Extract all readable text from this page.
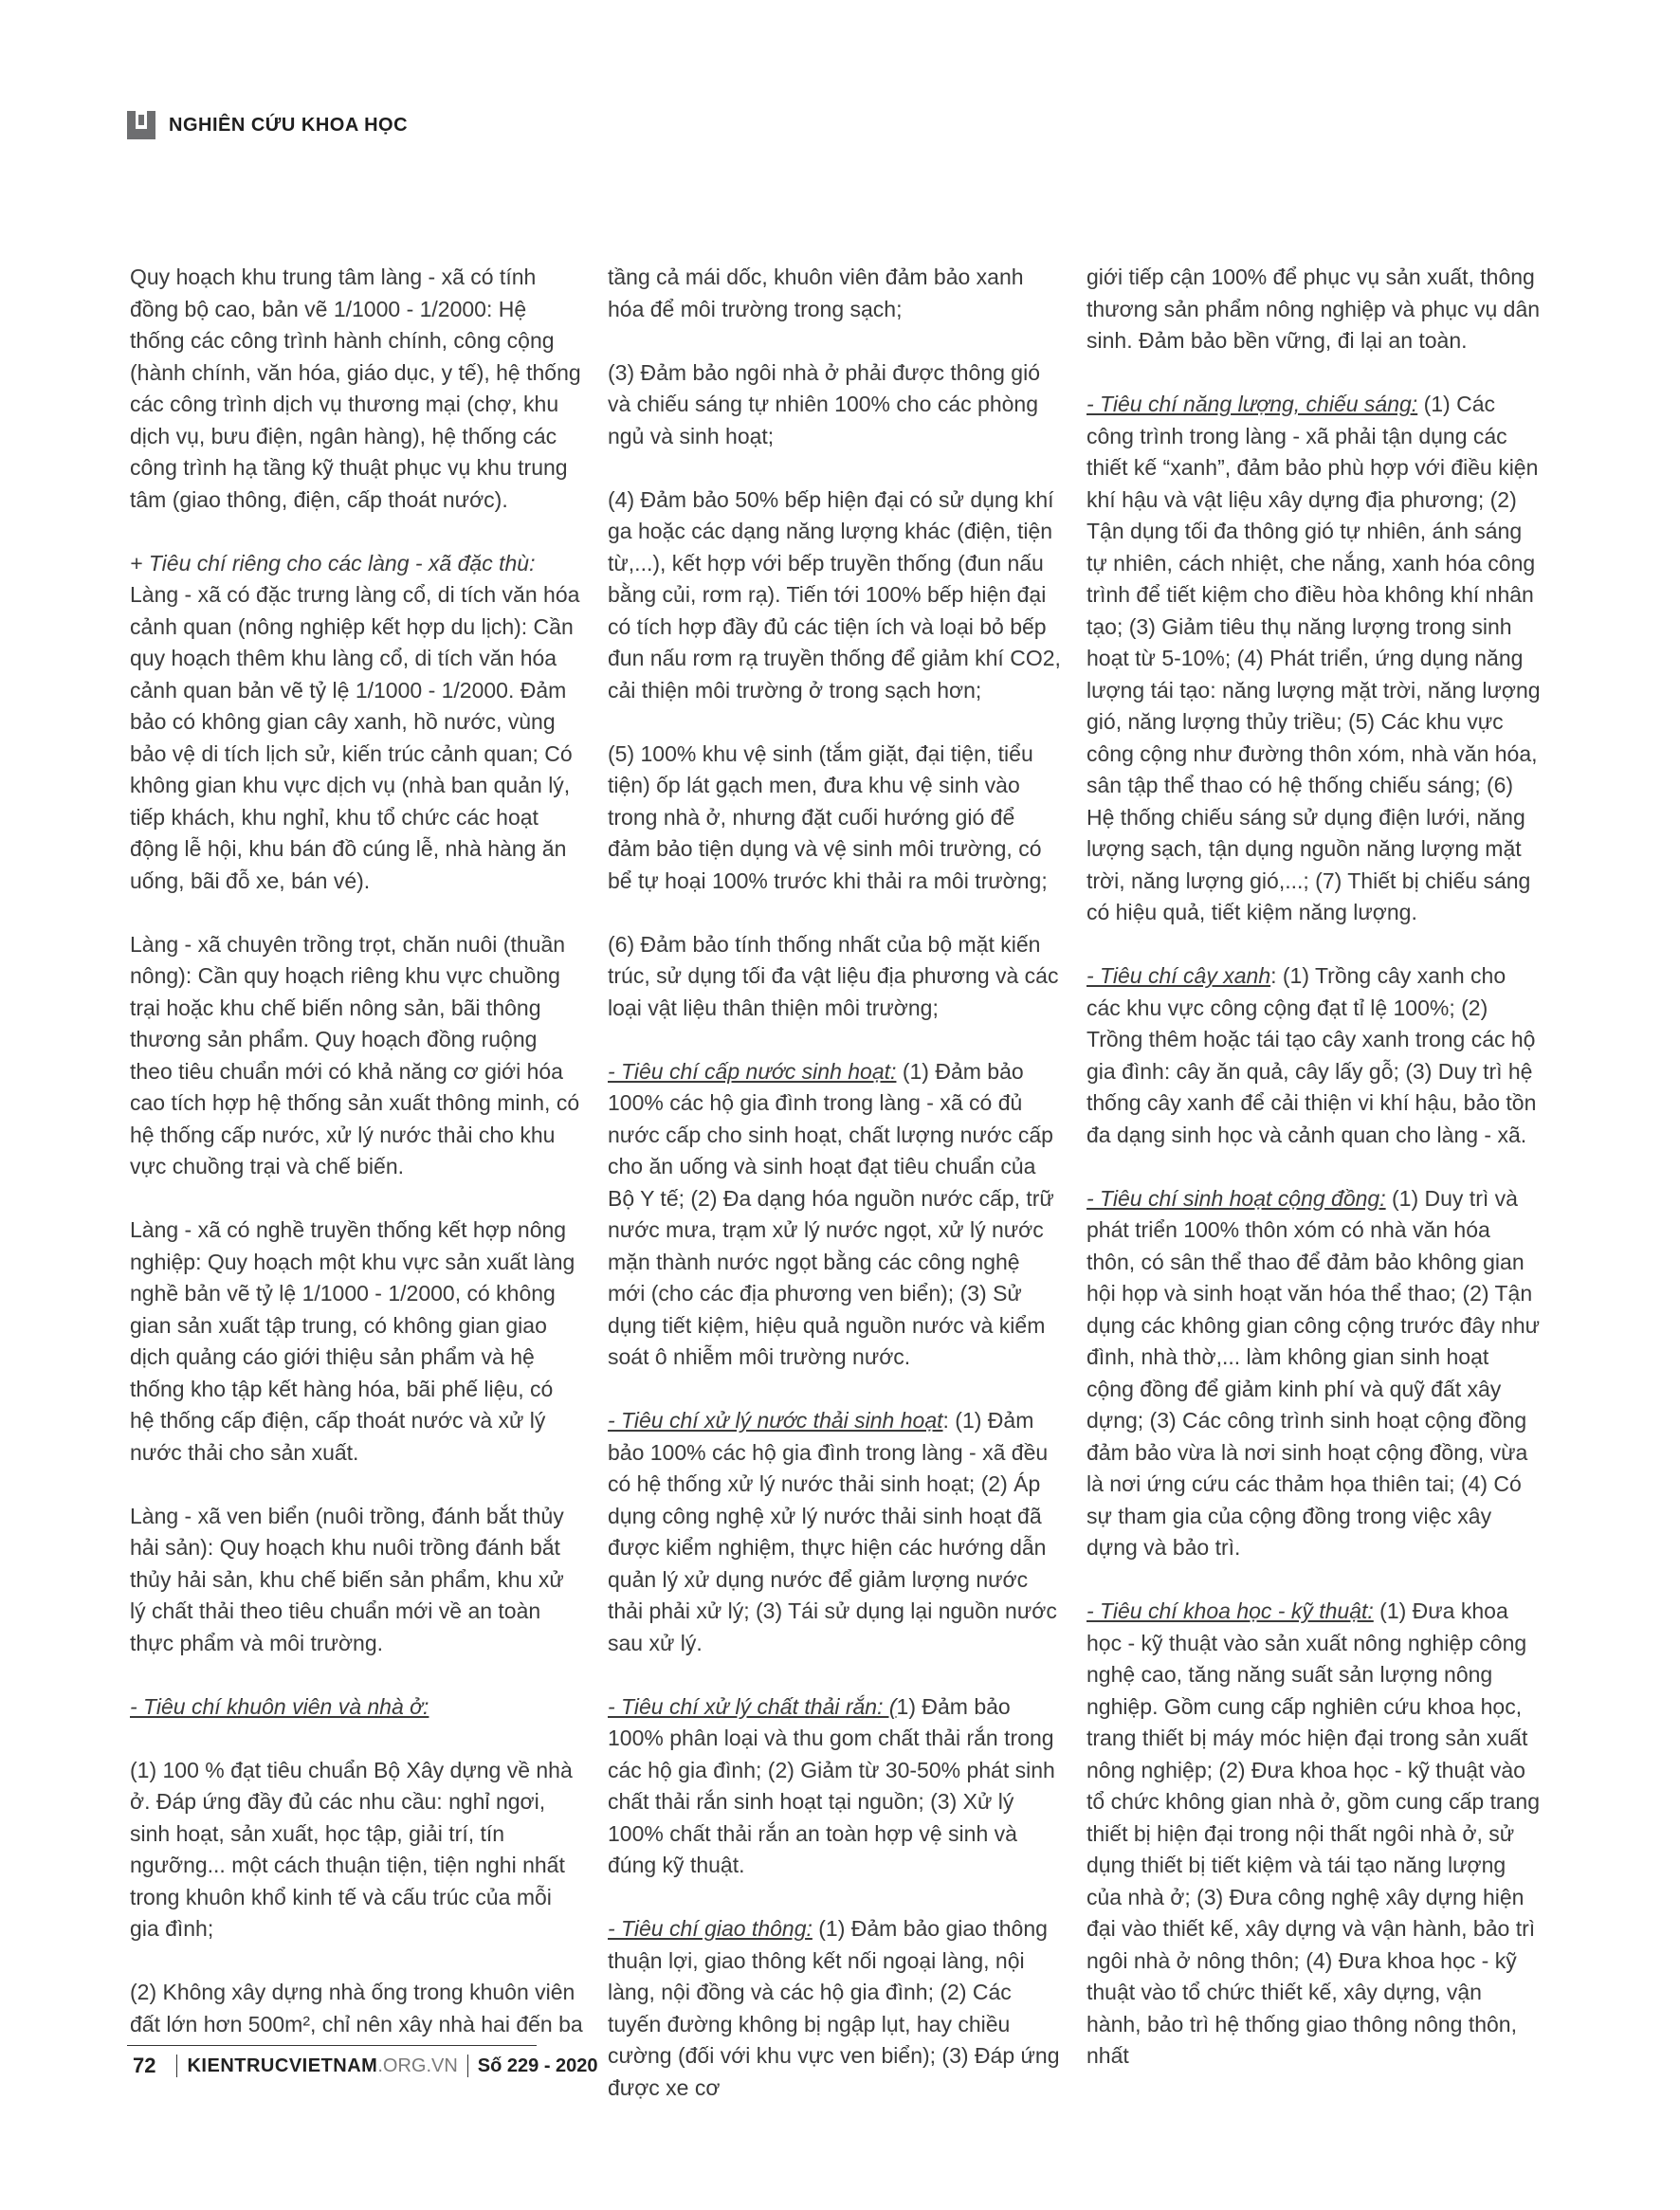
NGHIÊN CỨU KHOA HỌC

Quy hoạch khu trung tâm làng - xã có tính đồng bộ cao, bản vẽ 1/1000 - 1/2000: Hệ thống các công trình hành chính, công cộng (hành chính, văn hóa, giáo dục, y tế), hệ thống các công trình dịch vụ thương mại (chợ, khu dịch vụ, bưu điện, ngân hàng), hệ thống các công trình hạ tầng kỹ thuật phục vụ khu trung tâm (giao thông, điện, cấp thoát nước).

+ Tiêu chí riêng cho các làng - xã đặc thù: Làng - xã có đặc trưng làng cổ, di tích văn hóa cảnh quan (nông nghiệp kết hợp du lịch): Cần quy hoạch thêm khu làng cổ, di tích văn hóa cảnh quan bản vẽ tỷ lệ 1/1000 - 1/2000. Đảm bảo có không gian cây xanh, hồ nước, vùng bảo vệ di tích lịch sử, kiến trúc cảnh quan; Có không gian khu vực dịch vụ (nhà ban quản lý, tiếp khách, khu nghỉ, khu tổ chức các hoạt động lễ hội, khu bán đồ cúng lễ, nhà hàng ăn uống, bãi đỗ xe, bán vé).

Làng - xã chuyên trồng trọt, chăn nuôi (thuần nông): Cần quy hoạch riêng khu vực chuồng trại hoặc khu chế biến nông sản, bãi thông thương sản phẩm. Quy hoạch đồng ruộng theo tiêu chuẩn mới có khả năng cơ giới hóa cao tích hợp hệ thống sản xuất thông minh, có hệ thống cấp nước, xử lý nước thải cho khu vực chuồng trại và chế biến.

Làng - xã có nghề truyền thống kết hợp nông nghiệp: Quy hoạch một khu vực sản xuất làng nghề bản vẽ tỷ lệ 1/1000 - 1/2000, có không gian sản xuất tập trung, có không gian giao dịch quảng cáo giới thiệu sản phẩm và hệ thống kho tập kết hàng hóa, bãi phế liệu, có hệ thống cấp điện, cấp thoát nước và xử lý nước thải cho sản xuất.

Làng - xã ven biển (nuôi trồng, đánh bắt thủy hải sản): Quy hoạch khu nuôi trồng đánh bắt thủy hải sản, khu chế biến sản phẩm, khu xử lý chất thải theo tiêu chuẩn mới về an toàn thực phẩm và môi trường.

- Tiêu chí khuôn viên và nhà ở:

(1) 100 % đạt tiêu chuẩn Bộ Xây dựng về nhà ở. Đáp ứng đầy đủ các nhu cầu: nghỉ ngơi, sinh hoạt, sản xuất, học tập, giải trí, tín ngưỡng... một cách thuận tiện, tiện nghi nhất trong khuôn khổ kinh tế và cấu trúc của mỗi gia đình;

(2) Không xây dựng nhà ống trong khuôn viên đất lớn hơn 500m², chỉ nên xây nhà hai đến ba

tầng cả mái dốc, khuôn viên đảm bảo xanh hóa để môi trường trong sạch;

(3) Đảm bảo ngôi nhà ở phải được thông gió và chiếu sáng tự nhiên 100% cho các phòng ngủ và sinh hoạt;

(4) Đảm bảo 50% bếp hiện đại có sử dụng khí ga hoặc các dạng năng lượng khác (điện, tiện từ,...), kết hợp với bếp truyền thống (đun nấu bằng củi, rơm rạ). Tiến tới 100% bếp hiện đại có tích hợp đầy đủ các tiện ích và loại bỏ bếp đun nấu rơm rạ truyền thống để giảm khí CO2, cải thiện môi trường ở trong sạch hơn;

(5) 100% khu vệ sinh (tắm giặt, đại tiện, tiểu tiện) ốp lát gạch men, đưa khu vệ sinh vào trong nhà ở, nhưng đặt cuối hướng gió để đảm bảo tiện dụng và vệ sinh môi trường, có bể tự hoại 100% trước khi thải ra môi trường;

(6) Đảm bảo tính thống nhất của bộ mặt kiến trúc, sử dụng tối đa vật liệu địa phương và các loại vật liệu thân thiện môi trường;

- Tiêu chí cấp nước sinh hoạt: (1) Đảm bảo 100% các hộ gia đình trong làng - xã có đủ nước cấp cho sinh hoạt, chất lượng nước cấp cho ăn uống và sinh hoạt đạt tiêu chuẩn của Bộ Y tế; (2) Đa dạng hóa nguồn nước cấp, trữ nước mưa, trạm xử lý nước ngọt, xử lý nước mặn thành nước ngọt bằng các công nghệ mới (cho các địa phương ven biển); (3) Sử dụng tiết kiệm, hiệu quả nguồn nước và kiểm soát ô nhiễm môi trường nước.

- Tiêu chí xử lý nước thải sinh hoạt: (1) Đảm bảo 100% các hộ gia đình trong làng - xã đều có hệ thống xử lý nước thải sinh hoạt; (2) Áp dụng công nghệ xử lý nước thải sinh hoạt đã được kiểm nghiệm, thực hiện các hướng dẫn quản lý xử dụng nước để giảm lượng nước thải phải xử lý; (3) Tái sử dụng lại nguồn nước sau xử lý.

- Tiêu chí xử lý chất thải rắn: (1) Đảm bảo 100% phân loại và thu gom chất thải rắn trong các hộ gia đình; (2) Giảm từ 30-50% phát sinh chất thải rắn sinh hoạt tại nguồn; (3) Xử lý 100% chất thải rắn an toàn hợp vệ sinh và đúng kỹ thuật.

- Tiêu chí giao thông: (1) Đảm bảo giao thông thuận lợi, giao thông kết nối ngoại làng, nội làng, nội đồng và các hộ gia đình; (2) Các tuyến đường không bị ngập lụt, hay chiều cường (đối với khu vực ven biển); (3) Đáp ứng được xe cơ

giới tiếp cận 100% để phục vụ sản xuất, thông thương sản phẩm nông nghiệp và phục vụ dân sinh. Đảm bảo bền vững, đi lại an toàn.

- Tiêu chí năng lượng, chiếu sáng: (1) Các công trình trong làng - xã phải tận dụng các thiết kế “xanh”, đảm bảo phù hợp với điều kiện khí hậu và vật liệu xây dựng địa phương; (2) Tận dụng tối đa thông gió tự nhiên, ánh sáng tự nhiên, cách nhiệt, che nắng, xanh hóa công trình để tiết kiệm cho điều hòa không khí nhân tạo; (3) Giảm tiêu thụ năng lượng trong sinh hoạt từ 5-10%; (4) Phát triển, ứng dụng năng lượng tái tạo: năng lượng mặt trời, năng lượng gió, năng lượng thủy triều; (5) Các khu vực công cộng như đường thôn xóm, nhà văn hóa, sân tập thể thao có hệ thống chiếu sáng; (6) Hệ thống chiếu sáng sử dụng điện lưới, năng lượng sạch, tận dụng nguồn năng lượng mặt trời, năng lượng gió,...; (7) Thiết bị chiếu sáng có hiệu quả, tiết kiệm năng lượng.

- Tiêu chí cây xanh: (1) Trồng cây xanh cho các khu vực công cộng đạt tỉ lệ 100%; (2) Trồng thêm hoặc tái tạo cây xanh trong các hộ gia đình: cây ăn quả, cây lấy gỗ; (3) Duy trì hệ thống cây xanh để cải thiện vi khí hậu, bảo tồn đa dạng sinh học và cảnh quan cho làng - xã.

- Tiêu chí sinh hoạt cộng đồng: (1) Duy trì và phát triển 100% thôn xóm có nhà văn hóa thôn, có sân thể thao để đảm bảo không gian hội họp và sinh hoạt văn hóa thể thao; (2) Tận dụng các không gian công cộng trước đây như đình, nhà thờ,... làm không gian sinh hoạt cộng đồng để giảm kinh phí và quỹ đất xây dựng; (3) Các công trình sinh hoạt cộng đồng đảm bảo vừa là nơi sinh hoạt cộng đồng, vừa là nơi ứng cứu các thảm họa thiên tai; (4) Có sự tham gia của cộng đồng trong việc xây dựng và bảo trì.

- Tiêu chí khoa học - kỹ thuật: (1) Đưa khoa học - kỹ thuật vào sản xuất nông nghiệp công nghệ cao, tăng năng suất sản lượng nông nghiệp. Gồm cung cấp nghiên cứu khoa học, trang thiết bị máy móc hiện đại trong sản xuất nông nghiệp; (2) Đưa khoa học - kỹ thuật vào tổ chức không gian nhà ở, gồm cung cấp trang thiết bị hiện đại trong nội thất ngôi nhà ở, sử dụng thiết bị tiết kiệm và tái tạo năng lượng của nhà ở; (3) Đưa công nghệ xây dựng hiện đại vào thiết kế, xây dựng và vận hành, bảo trì ngôi nhà ở nông thôn; (4) Đưa khoa học - kỹ thuật vào tổ chức thiết kế, xây dựng, vận hành, bảo trì hệ thống giao thông nông thôn, nhất

72 KIENTRUCVIETNAM .ORG.VN Số 229 - 2020
